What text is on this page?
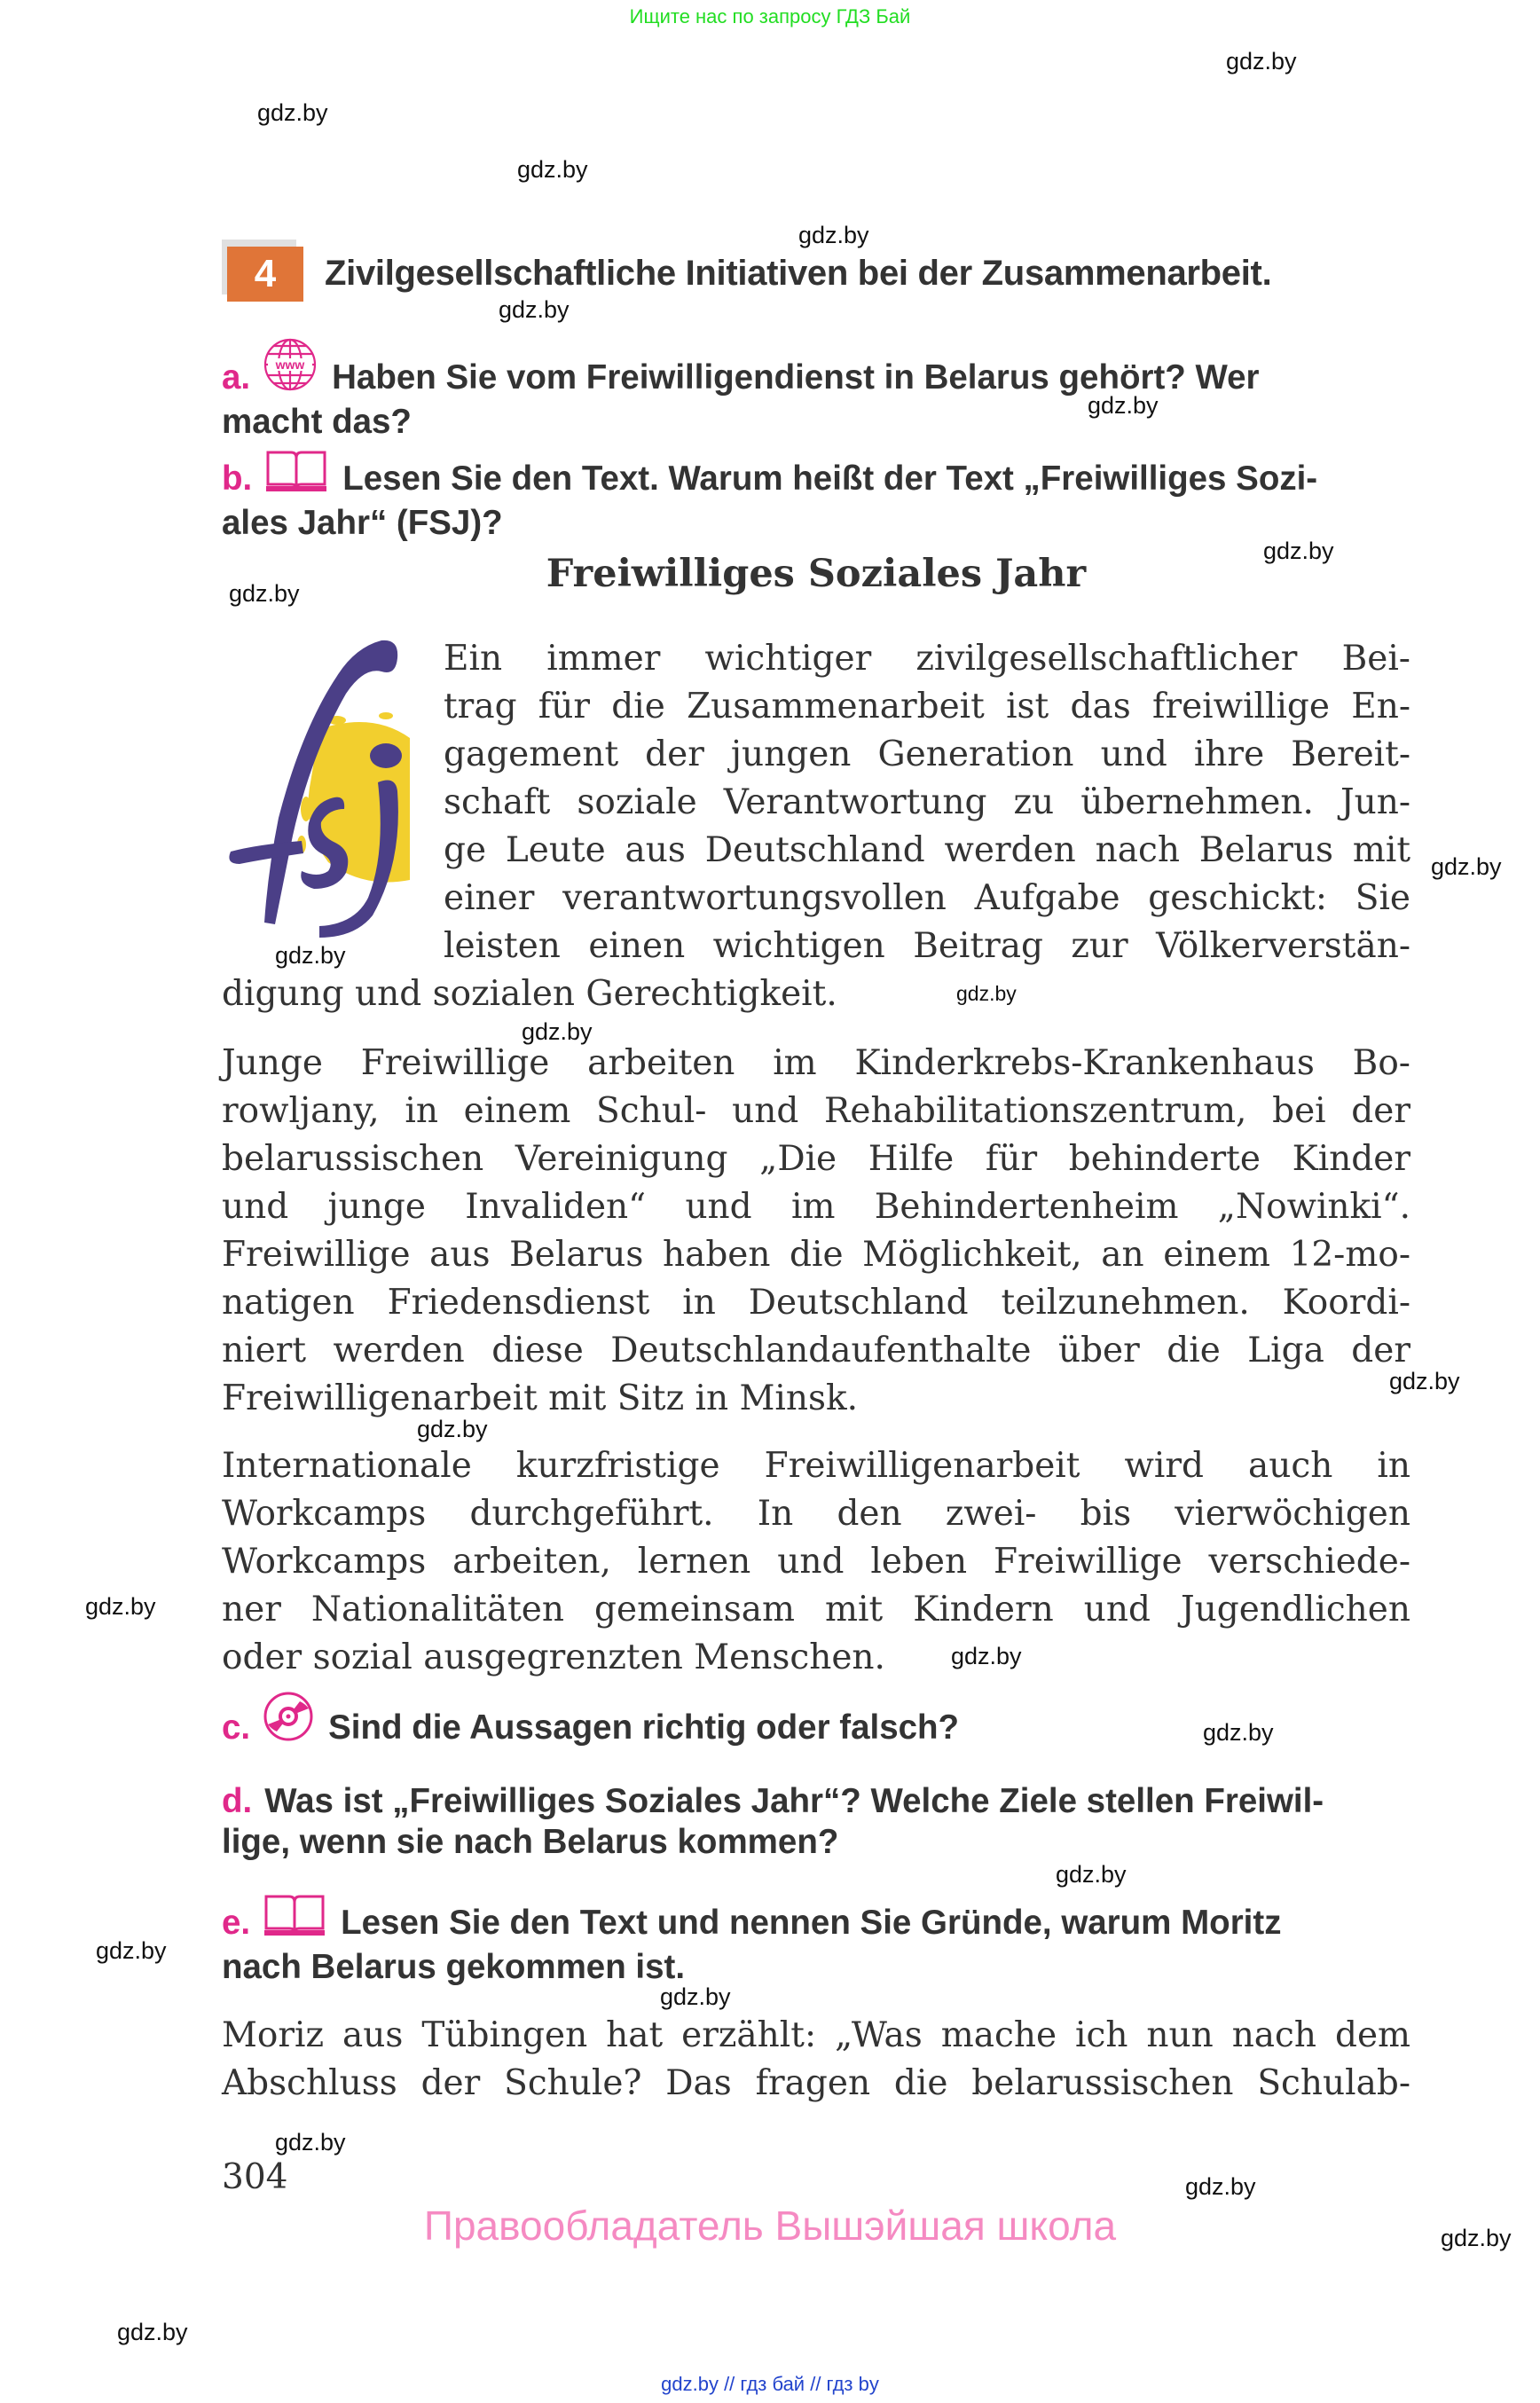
Ищите нас по запросу ГДЗ Бай
gdz.by
gdz.by
gdz.by
gdz.by
gdz.by
gdz.by
gdz.by
gdz.by
gdz.by
gdz.by
gdz.by
gdz.by
gdz.by
gdz.by
gdz.by
gdz.by
gdz.by
gdz.by
gdz.by
gdz.by
gdz.by
gdz.by
gdz.by
gdz.by
4	Zivilgesellschaftliche Initiativen bei der Zusammenarbeit.
a. www Haben Sie vom Freiwilligendienst in Belarus gehört? Wer
macht das?
b.	Lesen Sie den Text. Warum heißt der Text „Freiwilliges Sozi-
ales Jahr“ (FSJ)?
Freiwilliges Soziales Jahr
Ein immer wichtiger zivilgesellschaftlicher Bei-
trag für die Zusammenarbeit ist das freiwillige En-
gagement der jungen Generation und ihre Bereit-
schaft soziale Verantwortung zu übernehmen. Jun-
ge Leute aus Deutschland werden nach Belarus mit
einer verantwortungsvollen Aufgabe geschickt: Sie
leisten einen wichtigen Beitrag zur Völkerverstän-
digung und sozialen Gerechtigkeit.
Junge Freiwillige arbeiten im Kinderkrebs-Krankenhaus Bo-
rowljany, in einem Schul- und Rehabilitationszentrum, bei der
belarussischen Vereinigung „Die Hilfe für behinderte Kinder
und junge Invaliden“ und im Behindertenheim „Nowinki“.
Freiwillige aus Belarus haben die Möglichkeit, an einem 12-mo-
natigen Friedensdienst in Deutschland teilzunehmen. Koordi-
niert werden diese Deutschlandaufenthalte über die Liga der
Freiwilligenarbeit mit Sitz in Minsk.
Internationale kurzfristige Freiwilligenarbeit wird auch in
Workcamps durchgeführt. In den zwei- bis vierwöchigen
Workcamps arbeiten, lernen und leben Freiwillige verschiede-
ner Nationalitäten gemeinsam mit Kindern und Jugendlichen
oder sozial ausgegrenzten Menschen.
c. Sind die Aussagen richtig oder falsch?
d. Was ist „Freiwilliges Soziales Jahr“? Welche Ziele stellen Freiwil-
lige, wenn sie nach Belarus kommen?
e.	Lesen Sie den Text und nennen Sie Gründe, warum Moritz
nach Belarus gekommen ist.
Moriz aus Tübingen hat erzählt: „Was mache ich nun nach dem
Abschluss der Schule? Das fragen die belarussischen Schulab-
304
Правообладатель Вышэйшая школа
gdz.by // гдз бай // гдз by
